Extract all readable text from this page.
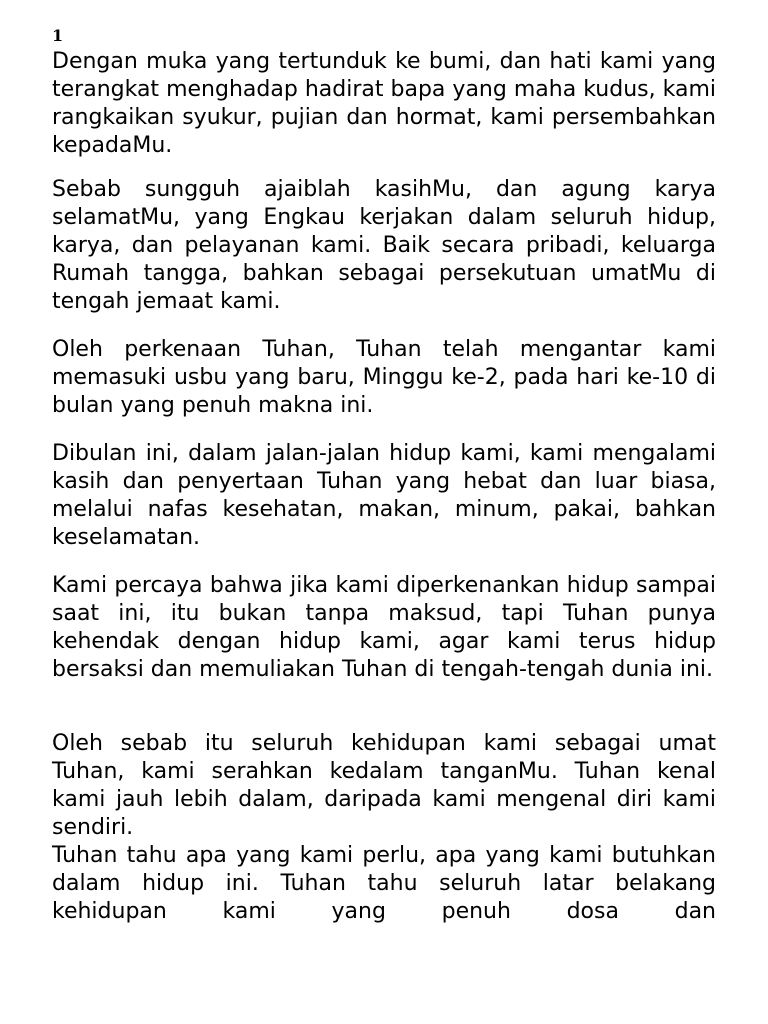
1

Dengan muka yang tertunduk ke bumi, dan hati kami yang terangkat menghadap hadirat bapa yang maha kudus, kami rangkaikan syukur, pujian dan hormat, kami persembahkan kepadaMu.

Sebab sungguh ajaiblah kasihMu, dan agung karya selamatMu, yang Engkau kerjakan dalam seluruh hidup, karya, dan pelayanan kami. Baik secara pribadi, keluarga Rumah tangga, bahkan sebagai persekutuan umatMu di tengah jemaat kami.

Oleh perkenaan Tuhan, Tuhan telah mengantar kami memasuki usbu yang baru, Minggu ke-2, pada hari ke-10 di bulan yang penuh makna ini.

Dibulan ini, dalam jalan-jalan hidup kami, kami mengalami kasih dan penyertaan Tuhan yang hebat dan luar biasa, melalui nafas kesehatan, makan, minum, pakai, bahkan keselamatan.

Kami percaya bahwa jika kami diperkenankan hidup sampai saat ini, itu bukan tanpa maksud, tapi Tuhan punya kehendak dengan hidup kami, agar kami terus hidup bersaksi dan memuliakan Tuhan di tengah-tengah dunia ini.

Oleh sebab itu seluruh kehidupan kami sebagai umat Tuhan, kami serahkan kedalam tanganMu. Tuhan kenal kami jauh lebih dalam, daripada kami mengenal diri kami sendiri.

Tuhan tahu apa yang kami perlu, apa yang kami butuhkan dalam hidup ini. Tuhan tahu seluruh latar belakang kehidupan kami yang penuh dosa dan
